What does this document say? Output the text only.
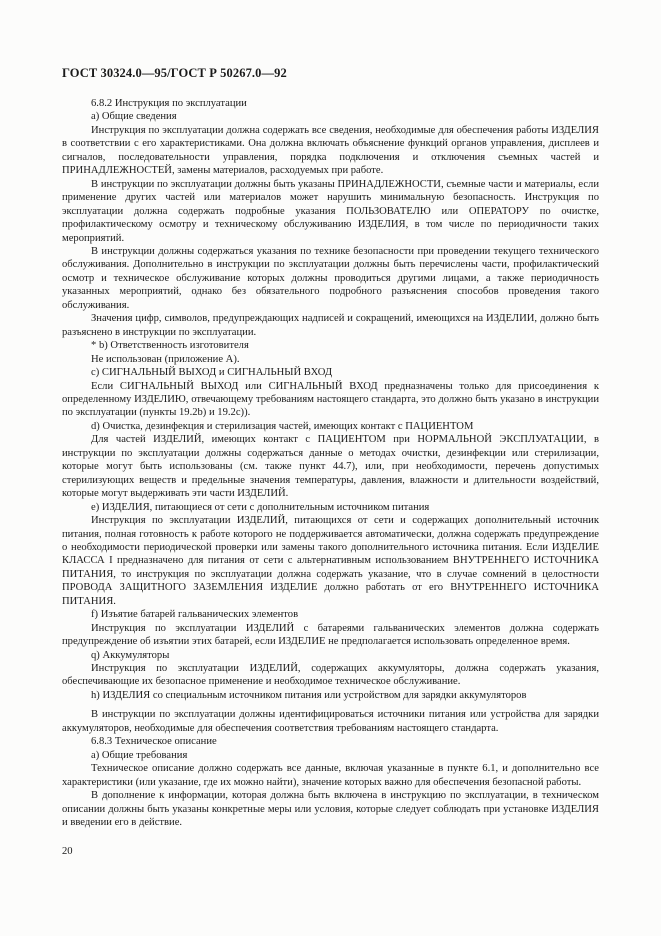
ГОСТ 30324.0—95/ГОСТ Р 50267.0—92

6.8.2 Инструкция по эксплуатации

а) Общие сведения

Инструкция по эксплуатации должна содержать все сведения, необходимые для обеспечения работы ИЗДЕЛИЯ в соответствии с его характеристиками. Она должна включать объяснение функций органов управления, дисплеев и сигналов, последовательности управления, порядка подключения и отключения съемных частей и ПРИНАДЛЕЖНОСТЕЙ, замены материалов, расходуемых при работе.

В инструкции по эксплуатации должны быть указаны ПРИНАДЛЕЖНОСТИ, съемные части и материалы, если применение других частей или материалов может нарушить минимальную безопасность. Инструкция по эксплуатации должна содержать подробные указания ПОЛЬЗОВАТЕЛЮ или ОПЕРАТОРУ по очистке, профилактическому осмотру и техническому обслуживанию ИЗДЕЛИЯ, в том числе по периодичности таких мероприятий.

В инструкции должны содержаться указания по технике безопасности при проведении текущего технического обслуживания. Дополнительно в инструкции по эксплуатации должны быть перечислены части, профилактический осмотр и техническое обслуживание которых должны проводиться другими лицами, а также периодичность указанных мероприятий, однако без обязательного подробного разъяснения способов проведения такого обслуживания.

Значения цифр, символов, предупреждающих надписей и сокращений, имеющихся на ИЗДЕЛИИ, должно быть разъяснено в инструкции по эксплуатации.

* b) Ответственность изготовителя

Не использован (приложение А).

с) СИГНАЛЬНЫЙ ВЫХОД и СИГНАЛЬНЫЙ ВХОД

Если СИГНАЛЬНЫЙ ВЫХОД или СИГНАЛЬНЫЙ ВХОД предназначены только для присоединения к определенному ИЗДЕЛИЮ, отвечающему требованиям настоящего стандарта, это должно быть указано в инструкции по эксплуатации (пункты 19.2b) и 19.2с)).

d) Очистка, дезинфекция и стерилизация частей, имеющих контакт с ПАЦИЕНТОМ

Для частей ИЗДЕЛИЙ, имеющих контакт с ПАЦИЕНТОМ при НОРМАЛЬНОЙ ЭКСПЛУАТАЦИИ, в инструкции по эксплуатации должны содержаться данные о методах очистки, дезинфекции или стерилизации, которые могут быть использованы (см. также пункт 44.7), или, при необходимости, перечень допустимых стерилизующих веществ и предельные значения температуры, давления, влажности и длительности воздействий, которые могут выдерживать эти части ИЗДЕЛИЙ.

е) ИЗДЕЛИЯ, питающиеся от сети с дополнительным источником питания

Инструкция по эксплуатации ИЗДЕЛИЙ, питающихся от сети и содержащих дополнительный источник питания, полная готовность к работе которого не поддерживается автоматически, должна содержать предупреждение о необходимости периодической проверки или замены такого дополнительного источника питания. Если ИЗДЕЛИЕ КЛАССА I предназначено для питания от сети с альтернативным использованием ВНУТРЕННЕГО ИСТОЧНИКА ПИТАНИЯ, то инструкция по эксплуатации должна содержать указание, что в случае сомнений в целостности ПРОВОДА ЗАЩИТНОГО ЗАЗЕМЛЕНИЯ ИЗДЕЛИЕ должно работать от его ВНУТРЕННЕГО ИСТОЧНИКА ПИТАНИЯ.

f) Изъятие батарей гальванических элементов

Инструкция по эксплуатации ИЗДЕЛИЙ с батареями гальванических элементов должна содержать предупреждение об изъятии этих батарей, если ИЗДЕЛИЕ не предполагается использовать определенное время.

q) Аккумуляторы

Инструкция по эксплуатации ИЗДЕЛИЙ, содержащих аккумуляторы, должна содержать указания, обеспечивающие их безопасное применение и необходимое техническое обслуживание.

h) ИЗДЕЛИЯ со специальным источником питания или устройством для зарядки аккумуляторов

В инструкции по эксплуатации должны идентифицироваться источники питания или устройства для зарядки аккумуляторов, необходимые для обеспечения соответствия требованиям настоящего стандарта.

6.8.3 Техническое описание

а) Общие требования

Техническое описание должно содержать все данные, включая указанные в пункте 6.1, и дополнительно все характеристики (или указание, где их можно найти), значение которых важно для обеспечения безопасной работы.

В дополнение к информации, которая должна быть включена в инструкцию по эксплуатации, в техническом описании должны быть указаны конкретные меры или условия, которые следует соблюдать при установке ИЗДЕЛИЯ и введении его в действие.

20
